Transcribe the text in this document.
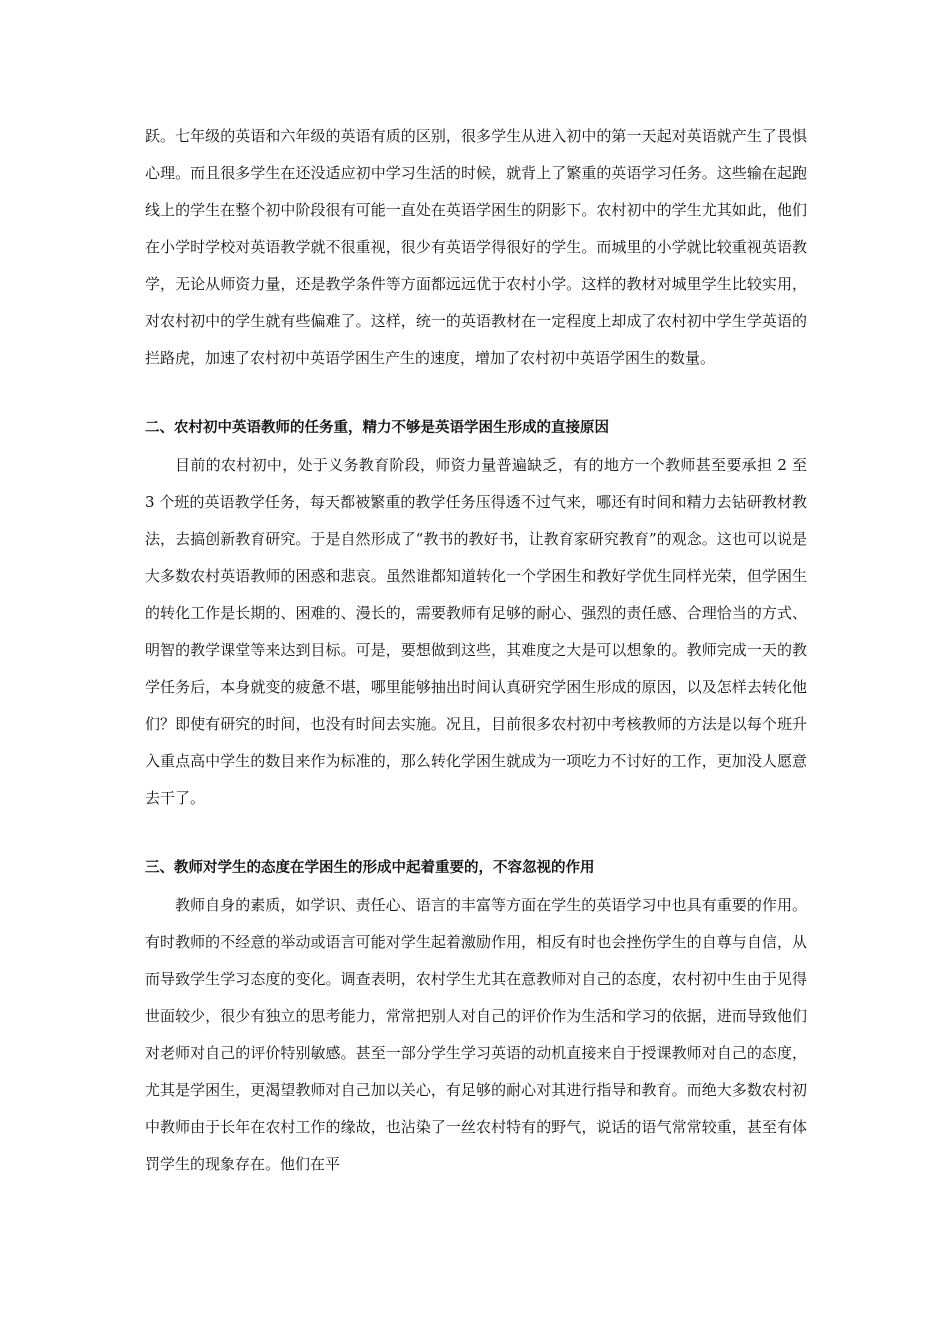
跃。七年级的英语和六年级的英语有质的区别，很多学生从进入初中的第一天起对英语就产生了畏惧心理。而且很多学生在还没适应初中学习生活的时候，就背上了繁重的英语学习任务。这些输在起跑线上的学生在整个初中阶段很有可能一直处在英语学困生的阴影下。农村初中的学生尤其如此，他们在小学时学校对英语教学就不很重视，很少有英语学得很好的学生。而城里的小学就比较重视英语教学，无论从师资力量，还是教学条件等方面都远远优于农村小学。这样的教材对城里学生比较实用，对农村初中的学生就有些偏难了。这样，统一的英语教材在一定程度上却成了农村初中学生学英语的拦路虎，加速了农村初中英语学困生产生的速度，增加了农村初中英语学困生的数量。

二、农村初中英语教师的任务重，精力不够是英语学困生形成的直接原因

目前的农村初中，处于义务教育阶段，师资力量普遍缺乏，有的地方一个教师甚至要承担 2 至 3 个班的英语教学任务，每天都被繁重的教学任务压得透不过气来，哪还有时间和精力去钻研教材教法，去搞创新教育研究。于是自然形成了“教书的教好书，让教育家研究教育”的观念。这也可以说是大多数农村英语教师的困惑和悲哀。虽然谁都知道转化一个学困生和教好学优生同样光荣，但学困生的转化工作是长期的、困难的、漫长的，需要教师有足够的耐心、强烈的责任感、合理恰当的方式、明智的教学课堂等来达到目标。可是，要想做到这些，其难度之大是可以想象的。教师完成一天的教学任务后，本身就变的疲惫不堪，哪里能够抽出时间认真研究学困生形成的原因，以及怎样去转化他们？即使有研究的时间，也没有时间去实施。况且，目前很多农村初中考核教师的方法是以每个班升入重点高中学生的数目来作为标准的，那么转化学困生就成为一项吃力不讨好的工作，更加没人愿意去干了。

三、教师对学生的态度在学困生的形成中起着重要的，不容忽视的作用

教师自身的素质，如学识、责任心、语言的丰富等方面在学生的英语学习中也具有重要的作用。有时教师的不经意的举动或语言可能对学生起着激励作用，相反有时也会挫伤学生的自尊与自信，从而导致学生学习态度的变化。调查表明，农村学生尤其在意教师对自己的态度，农村初中生由于见得世面较少，很少有独立的思考能力，常常把别人对自己的评价作为生活和学习的依据，进而导致他们对老师对自己的评价特别敏感。甚至一部分学生学习英语的动机直接来自于授课教师对自己的态度，尤其是学困生，更渴望教师对自己加以关心，有足够的耐心对其进行指导和教育。而绝大多数农村初中教师由于长年在农村工作的缘故，也沾染了一丝农村特有的野气，说话的语气常常较重，甚至有体罚学生的现象存在。他们在平
